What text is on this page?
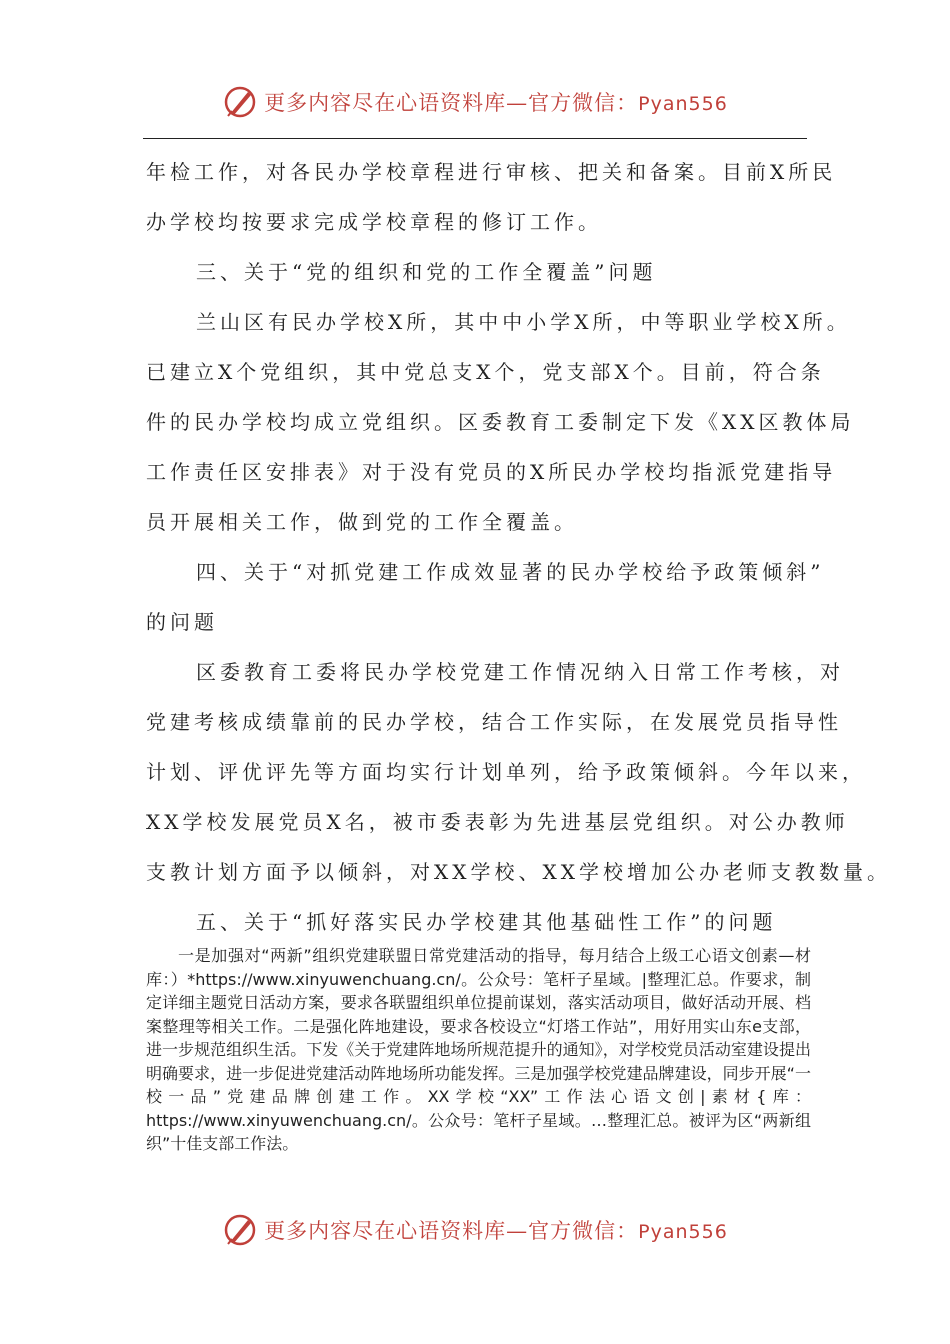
更多内容尽在心语资料库—官方微信：Pyan556
年检工作，对各民办学校章程进行审核、把关和备案。目前X所民
办学校均按要求完成学校章程的修订工作。
三、关于“党的组织和党的工作全覆盖”问题
兰山区有民办学校X所，其中中小学X所，中等职业学校X所。
已建立X个党组织，其中党总支X个，党支部X个。目前，符合条
件的民办学校均成立党组织。区委教育工委制定下发《XX区教体局
工作责任区安排表》对于没有党员的X所民办学校均指派党建指导
员开展相关工作，做到党的工作全覆盖。
四、关于“对抓党建工作成效显著的民办学校给予政策倾斜”
的问题
区委教育工委将民办学校党建工作情况纳入日常工作考核，对
党建考核成绩靠前的民办学校，结合工作实际，在发展党员指导性
计划、评优评先等方面均实行计划单列，给予政策倾斜。今年以来，
XX学校发展党员X名，被市委表彰为先进基层党组织。对公办教师
支教计划方面予以倾斜，对XX学校、XX学校增加公办老师支教数量。
五、关于“抓好落实民办学校建其他基础性工作”的问题

一是加强对“两新”组织党建联盟日常党建活动的指导，每月结合上级工心语文创素—材库：）*https://www.xinyuwenchuang.cn/。公众号：笔杆子星域。|整理汇总。作要求，制定详细主题党日活动方案，要求各联盟组织单位提前谋划，落实活动项目，做好活动开展、档案整理等相关工作。二是强化阵地建设，要求各校设立“灯塔工作站”，用好用实山东e支部，进一步规范组织生活。下发《关于党建阵地场所规范提升的通知》，对学校党员活动室建设提出明确要求，进一步促进党建活动阵地场所功能发挥。三是加强学校党建品牌建设，同步开展“一校一品”党建品牌创建工作。XX学校“XX”工作法心语文创|素材{库：https://www.xinyuwenchuang.cn/。公众号：笔杆子星域。…整理汇总。被评为区“两新组织”十佳支部工作法。

更多内容尽在心语资料库—官方微信：Pyan556
